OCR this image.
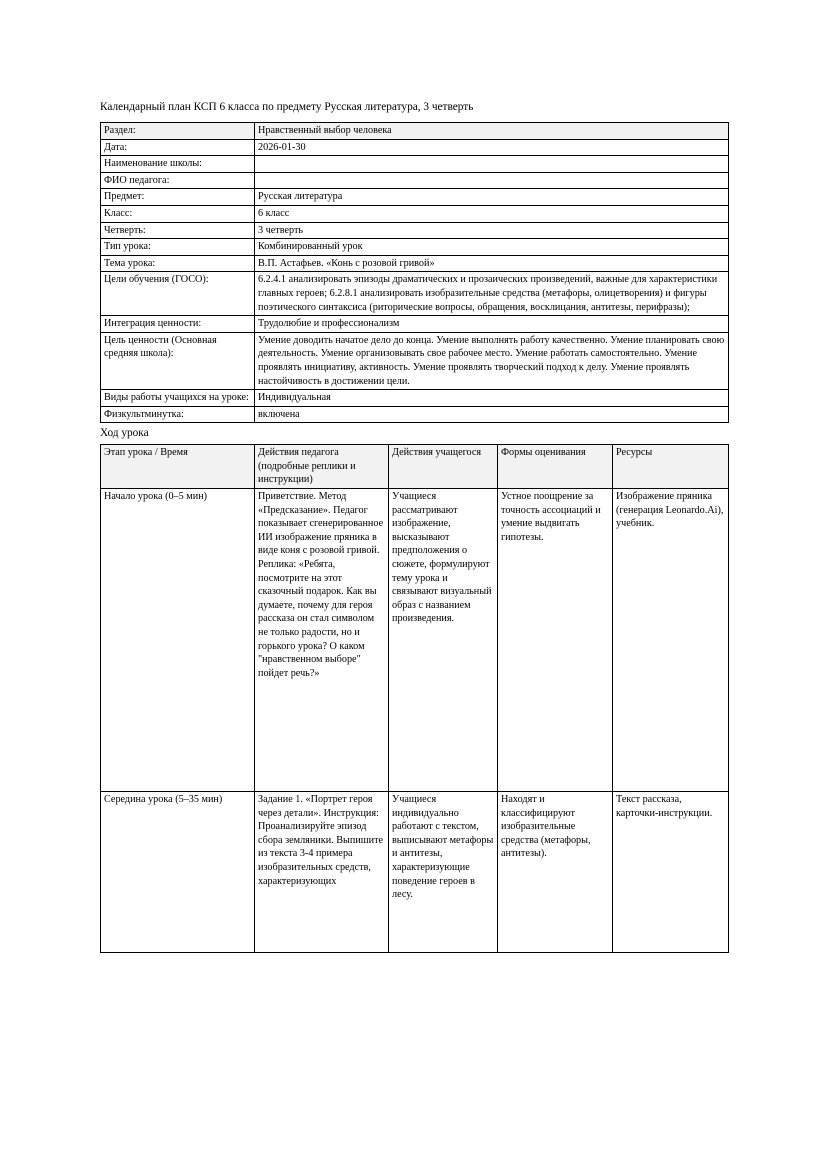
Календарный план КСП 6 класса по предмету Русская литература, 3 четверть
Раздел:	Нравственный выбор человека
Дата:	2026-01-30
Наименование школы:	
ФИО педагога:	
Предмет:	Русская литература
Класс:	6 класс
Четверть:	3 четверть
Тип урока:	Комбинированный урок
Тема урока:	В.П. Астафьев. «Конь с розовой гривой»
Цели обучения (ГОСО):	6.2.4.1 анализировать эпизоды драматических и прозаических произведений, важные для характеристики главных героев; 6.2.8.1 анализировать изобразительные средства (метафоры, олицетворения) и фигуры поэтического синтаксиса (риторические вопросы, обращения, восклицания, антитезы, перифразы);
Интеграция ценности:	Трудолюбие и профессионализм
Цель ценности (Основная средняя школа):	Умение доводить начатое дело до конца. Умение выполнять работу качественно. Умение планировать свою деятельность. Умение организовывать свое рабочее место. Умение работать самостоятельно. Умение проявлять инициативу, активность. Умение проявлять творческий подход к делу. Умение проявлять настойчивость в достижении цели.
Виды работы учащихся на уроке:	Индивидуальная
Физкультминутка:	включена
Ход урока
Этап урока / Время	Действия педагога (подробные реплики и инструкции)	Действия учащегося	Формы оценивания	Ресурсы
Начало урока (0–5 мин)	Приветствие. Метод «Предсказание». Педагог показывает сгенерированное ИИ изображение пряника в виде коня с розовой гривой. Реплика: «Ребята, посмотрите на этот сказочный подарок. Как вы думаете, почему для героя рассказа он стал символом не только радости, но и горького урока? О каком "нравственном выборе" пойдет речь?»	Учащиеся рассматривают изображение, высказывают предположения о сюжете, формулируют тему урока и связывают визуальный образ с названием произведения.	Устное поощрение за точность ассоциаций и умение выдвигать гипотезы.	Изображение пряника (генерация Leonardo.Ai), учебник.
Середина урока (5–35 мин)	Задание 1. «Портрет героя через детали». Инструкция: Проанализируйте эпизод сбора земляники. Выпишите из текста 3-4 примера изобразительных средств, характеризующих	Учащиеся индивидуально работают с текстом, выписывают метафоры и антитезы, характеризующие поведение героев в лесу.	Находят и классифицируют изобразительные средства (метафоры, антитезы).	Текст рассказа, карточки-инструкции.
